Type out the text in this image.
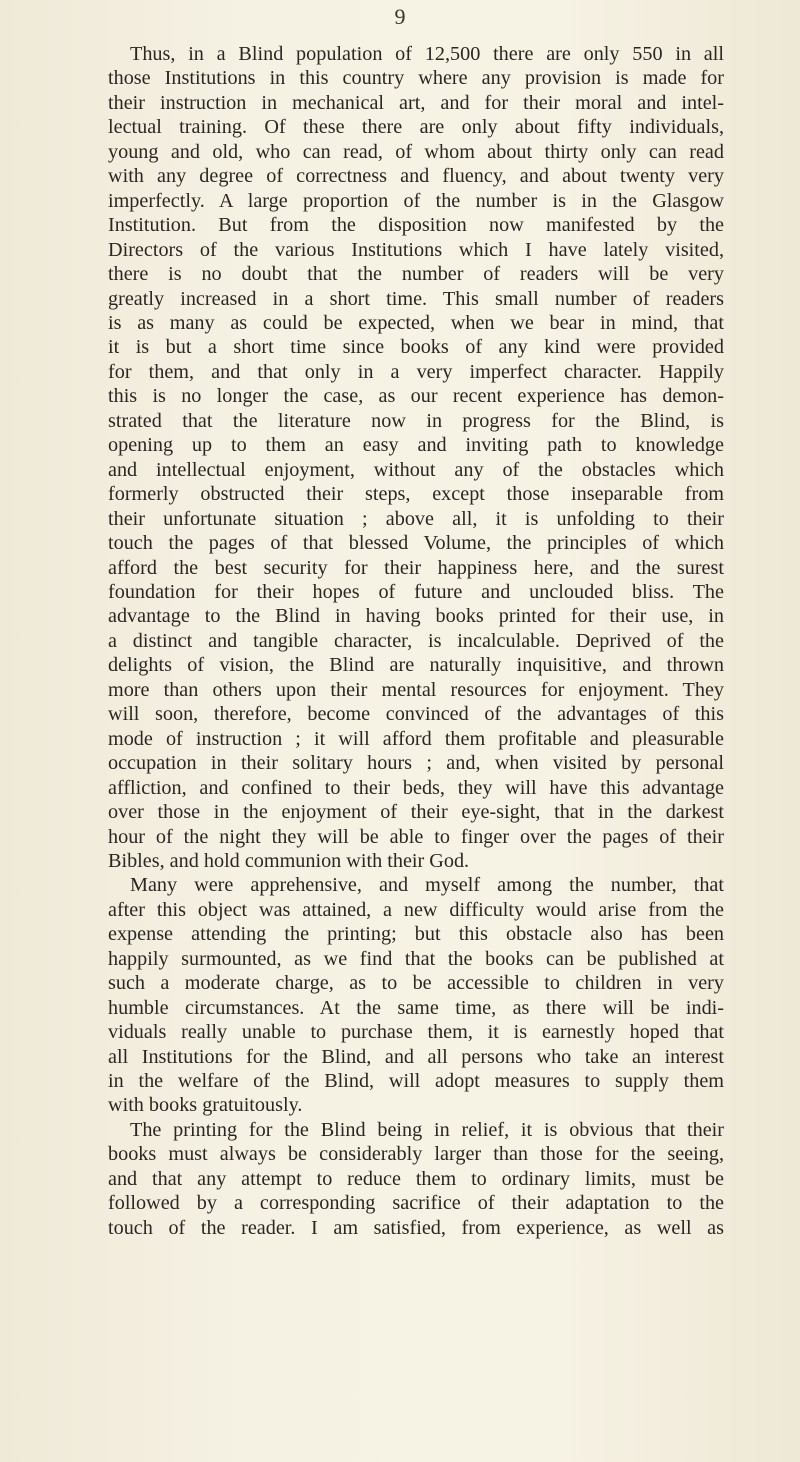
9
Thus, in a Blind population of 12,500 there are only 550 in all
those Institutions in this country where any provision is made for
their instruction in mechanical art, and for their moral and intel-
lectual training. Of these there are only about fifty individuals,
young and old, who can read, of whom about thirty only can read
with any degree of correctness and fluency, and about twenty very
imperfectly. A large proportion of the number is in the Glasgow
Institution. But from the disposition now manifested by the
Directors of the various Institutions which I have lately visited,
there is no doubt that the number of readers will be very
greatly increased in a short time. This small number of readers
is as many as could be expected, when we bear in mind, that
it is but a short time since books of any kind were provided
for them, and that only in a very imperfect character. Happily
this is no longer the case, as our recent experience has demon-
strated that the literature now in progress for the Blind, is
opening up to them an easy and inviting path to knowledge
and intellectual enjoyment, without any of the obstacles which
formerly obstructed their steps, except those inseparable from
their unfortunate situation ; above all, it is unfolding to their
touch the pages of that blessed Volume, the principles of which
afford the best security for their happiness here, and the surest
foundation for their hopes of future and unclouded bliss. The
advantage to the Blind in having books printed for their use, in
a distinct and tangible character, is incalculable. Deprived of the
delights of vision, the Blind are naturally inquisitive, and thrown
more than others upon their mental resources for enjoyment. They
will soon, therefore, become convinced of the advantages of this
mode of instruction ; it will afford them profitable and pleasurable
occupation in their solitary hours ; and, when visited by personal
affliction, and confined to their beds, they will have this advantage
over those in the enjoyment of their eye-sight, that in the darkest
hour of the night they will be able to finger over the pages of their
Bibles, and hold communion with their God.
Many were apprehensive, and myself among the number, that
after this object was attained, a new difficulty would arise from the
expense attending the printing; but this obstacle also has been
happily surmounted, as we find that the books can be published at
such a moderate charge, as to be accessible to children in very
humble circumstances. At the same time, as there will be indi-
viduals really unable to purchase them, it is earnestly hoped that
all Institutions for the Blind, and all persons who take an interest
in the welfare of the Blind, will adopt measures to supply them
with books gratuitously.
The printing for the Blind being in relief, it is obvious that their
books must always be considerably larger than those for the seeing,
and that any attempt to reduce them to ordinary limits, must be
followed by a corresponding sacrifice of their adaptation to the
touch of the reader. I am satisfied, from experience, as well as
